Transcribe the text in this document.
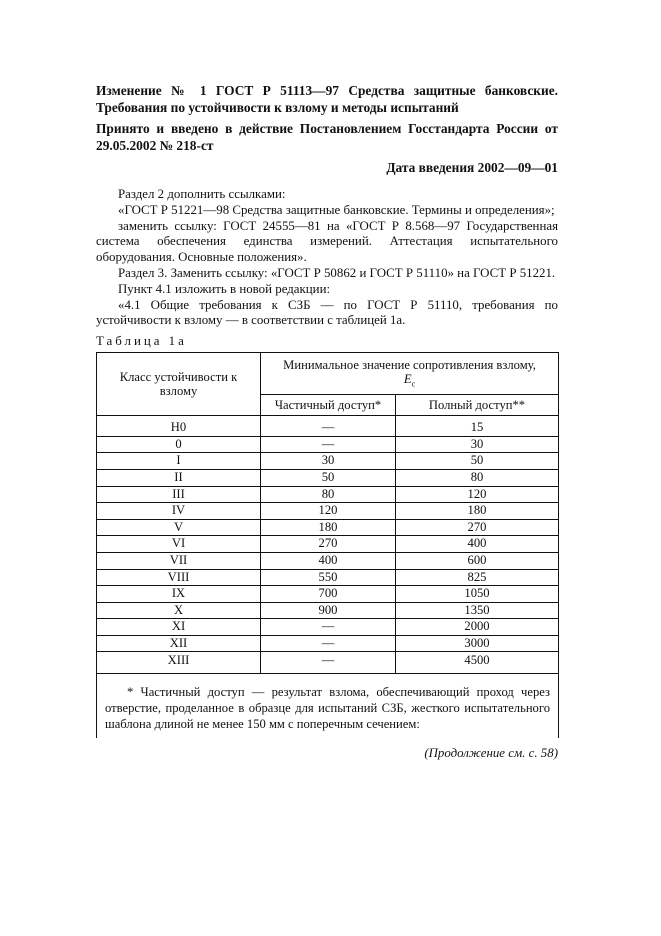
Изменение № 1 ГОСТ Р 51113—97 Средства защитные банковские. Требования по устойчивости к взлому и методы испытаний

Принято и введено в действие Постановлением Госстандарта России от 29.05.2002 № 218-ст

Дата введения 2002—09—01

Раздел 2 дополнить ссылками:

«ГОСТ Р 51221—98 Средства защитные банковские. Термины и определения»;

заменить ссылку: ГОСТ 24555—81 на «ГОСТ Р 8.568—97 Государственная система обеспечения единства измерений. Аттестация испытательного оборудования. Основные положения».

Раздел 3. Заменить ссылку: «ГОСТ Р 50862 и ГОСТ Р 51110» на ГОСТ Р 51221.

Пункт 4.1 изложить в новой редакции:

«4.1 Общие требования к СЗБ — по ГОСТ Р 51110, требования по устойчивости к взлому — в соответствии с таблицей 1а.

Таблица 1а
Класс устойчивости к взлому	Минимальное значение сопротивления взлому,
$E_c$
	Частичный доступ*	Полный доступ**
Н0	—	15
0	—	30
I	30	50
II	50	80
III	80	120
IV	120	180
V	180	270
VI	270	400
VII	400	600
VIII	550	825
IX	700	1050
X	900	1350
XI	—	2000
XII	—	3000
XIII	—	4500

* Частичный доступ — результат взлома, обеспечивающий проход через отверстие, проделанное в образце для испытаний СЗБ, жесткого испытательного шаблона длиной не менее 150 мм с поперечным сечением:		
(Продолжение см. с. 58)
